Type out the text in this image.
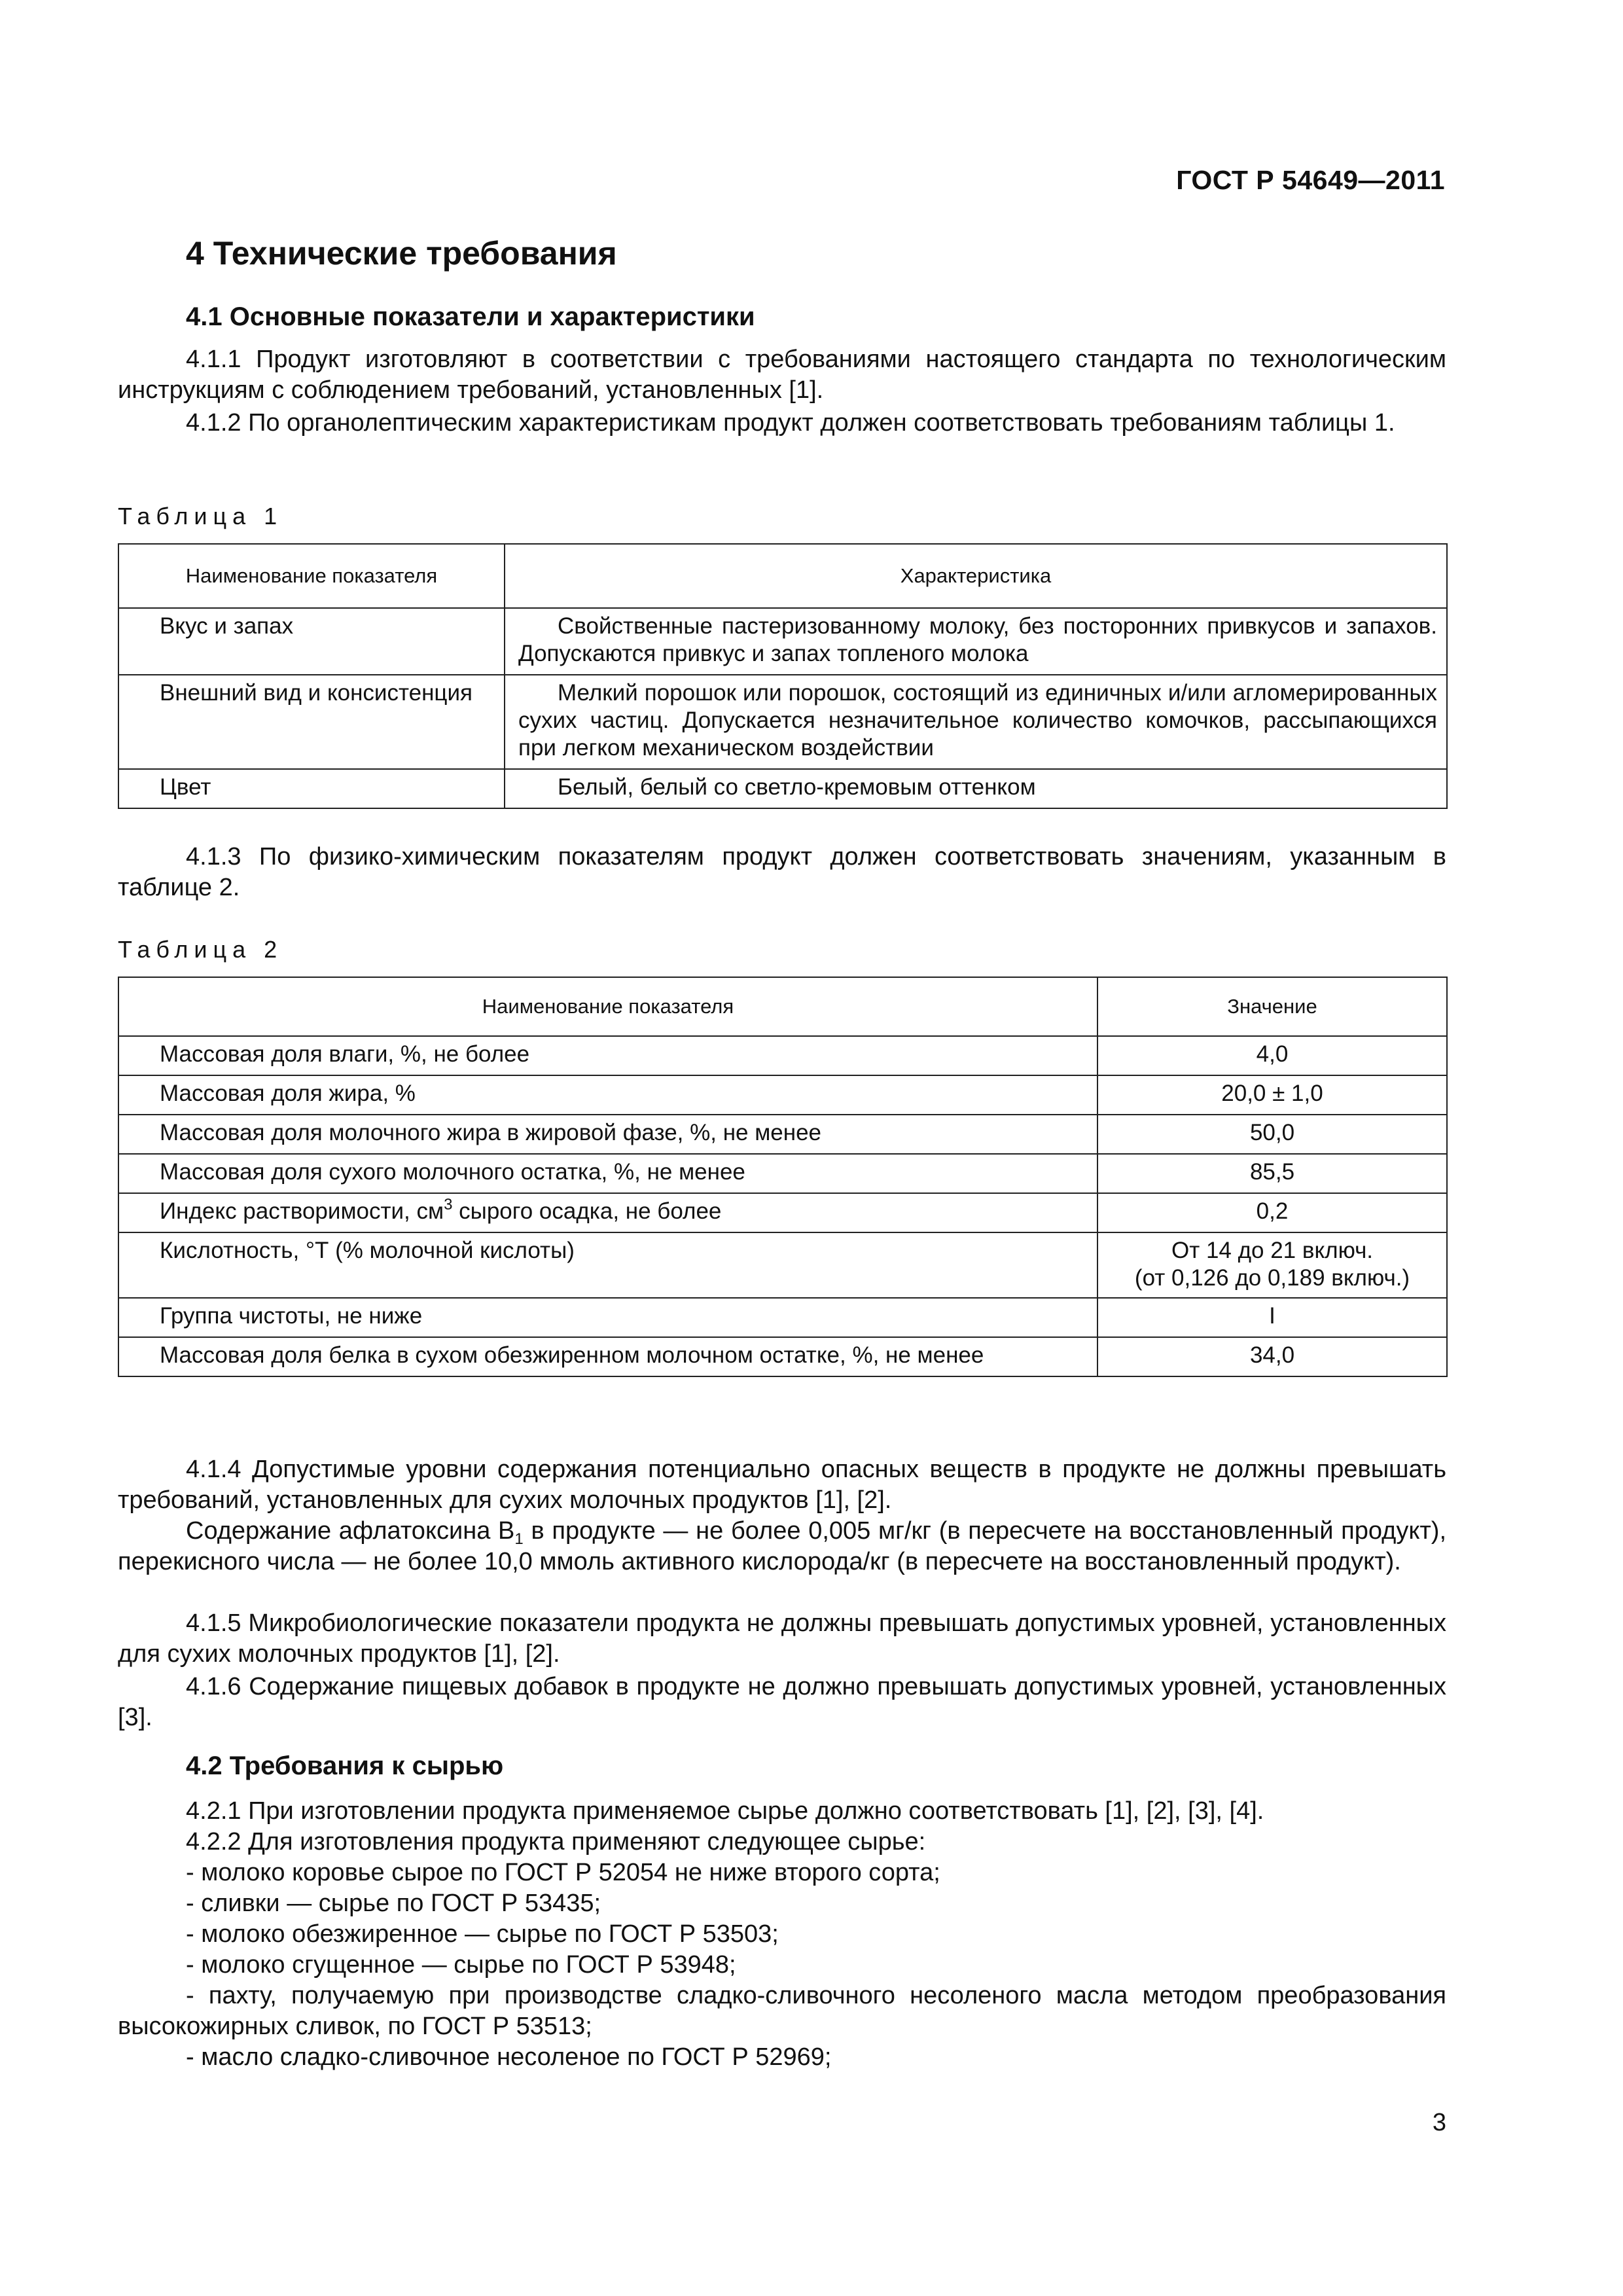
ГОСТ Р 54649—2011
4 Технические требования
4.1 Основные показатели и характеристики

4.1.1 Продукт изготовляют в соответствии с требованиями настоящего стандарта по технологическим инструкциям с соблюдением требований, установленных [1].

4.1.2 По органолептическим характеристикам продукт должен соответствовать требованиям таблицы 1.

Таблица 1
Наименование показателя	Характеристика
Вкус и запах	Свойственные пастеризованному молоку, без посторонних привкусов и запахов. Допускаются привкус и запах топленого молока
Внешний вид и консистенция	Мелкий порошок или порошок, состоящий из единичных и/или агломерированных сухих частиц. Допускается незначительное количество комочков, рассыпающихся при легком механическом воздействии
Цвет	Белый, белый со светло-кремовым оттенком

4.1.3 По физико-химическим показателям продукт должен соответствовать значениям, указанным в таблице 2.

Таблица 2
Наименование показателя	Значение
Массовая доля влаги, %, не более	4,0
Массовая доля жира, %	20,0 ± 1,0
Массовая доля молочного жира в жировой фазе, %, не менее	50,0
Массовая доля сухого молочного остатка, %, не менее	85,5
Индекс растворимости, $см^3$ сырого осадка, не более	0,2
Кислотность, °Т (% молочной кислоты)	От 14 до 21 включ.
(от 0,126 до 0,189 включ.)

Группа чистоты, не ниже	I
Массовая доля белка в сухом обезжиренном молочном остатке, %, не менее	34,0

4.1.4 Допустимые уровни содержания потенциально опасных веществ в продукте не должны превышать требований, установленных для сухих молочных продуктов [1], [2].

Содержание афлатоксина $В_1$ в продукте — не более 0,005 мг/кг (в пересчете на восстановленный продукт), перекисного числа — не более 10,0 ммоль активного кислорода/кг (в пересчете на восстановленный продукт).

4.1.5 Микробиологические показатели продукта не должны превышать допустимых уровней, установленных для сухих молочных продуктов [1], [2].

4.1.6 Содержание пищевых добавок в продукте не должно превышать допустимых уровней, установленных [3].

4.2 Требования к сырью

4.2.1 При изготовлении продукта применяемое сырье должно соответствовать [1], [2], [3], [4].

4.2.2 Для изготовления продукта применяют следующее сырье:

- молоко коровье сырое по ГОСТ Р 52054 не ниже второго сорта;

- сливки — сырье по ГОСТ Р 53435;

- молоко обезжиренное — сырье по ГОСТ Р 53503;

- молоко сгущенное — сырье по ГОСТ Р 53948;

- пахту, получаемую при производстве сладко-сливочного несоленого масла методом преобразования высокожирных сливок, по ГОСТ Р 53513;

- масло сладко-сливочное несоленое по ГОСТ Р 52969;

3
